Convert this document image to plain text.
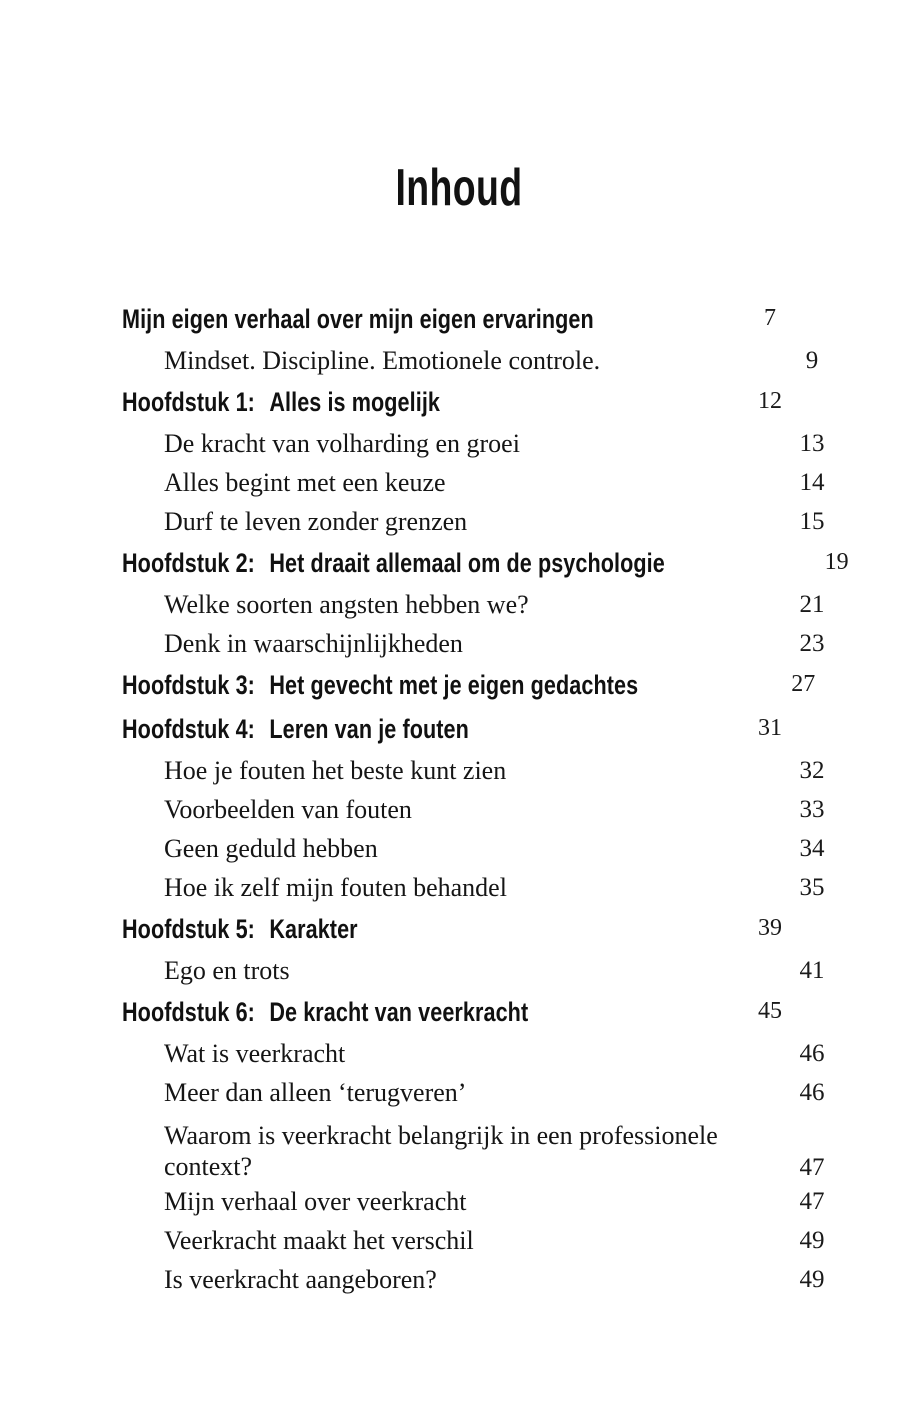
Inhoud
Mijn eigen verhaal over mijn eigen ervaringen	7
Mindset. Discipline. Emotionele controle.	9
Hoofdstuk 1: Alles is mogelijk	12
De kracht van volharding en groei	13
Alles begint met een keuze	14
Durf te leven zonder grenzen	15
Hoofdstuk 2: Het draait allemaal om de psychologie	19
Welke soorten angsten hebben we?	21
Denk in waarschijnlijkheden	23
Hoofdstuk 3: Het gevecht met je eigen gedachtes	27
Hoofdstuk 4: Leren van je fouten	31
Hoe je fouten het beste kunt zien	32
Voorbeelden van fouten	33
Geen geduld hebben	34
Hoe ik zelf mijn fouten behandel	35
Hoofdstuk 5: Karakter	39
Ego en trots	41
Hoofdstuk 6: De kracht van veerkracht	45
Wat is veerkracht	46
Meer dan alleen ‘terugveren’	46
Waarom is veerkracht belangrijk in een professionele context?	47
Mijn verhaal over veerkracht	47
Veerkracht maakt het verschil	49
Is veerkracht aangeboren?	49
